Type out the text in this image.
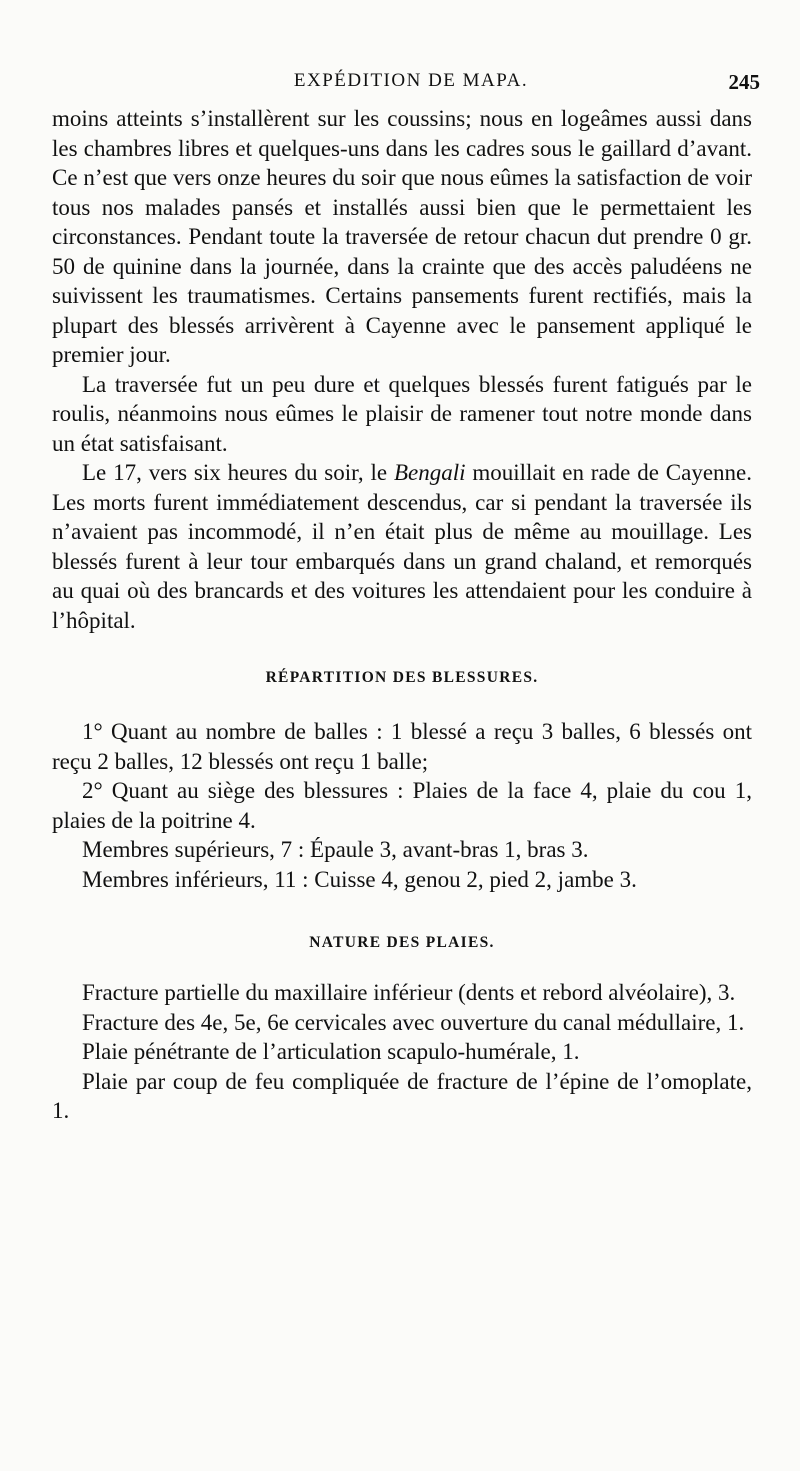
EXPÉDITION DE MAPA.	245

moins atteints s’installèrent sur les coussins; nous en logeâmes aussi dans les chambres libres et quelques-uns dans les cadres sous le gaillard d’avant. Ce n’est que vers onze heures du soir que nous eûmes la satisfaction de voir tous nos malades pansés et installés aussi bien que le permettaient les circonstances. Pendant toute la traversée de retour chacun dut prendre 0 gr. 50 de quinine dans la journée, dans la crainte que des accès paludéens ne suivissent les traumatismes. Certains pansements furent rectifiés, mais la plupart des blessés arrivèrent à Cayenne avec le pansement appliqué le premier jour.

La traversée fut un peu dure et quelques blessés furent fatigués par le roulis, néanmoins nous eûmes le plaisir de ramener tout notre monde dans un état satisfaisant.

Le 17, vers six heures du soir, le Bengali mouillait en rade de Cayenne. Les morts furent immédiatement descendus, car si pendant la traversée ils n’avaient pas incommodé, il n’en était plus de même au mouillage. Les blessés furent à leur tour embarqués dans un grand chaland, et remorqués au quai où des brancards et des voitures les attendaient pour les conduire à l’hôpital.

RÉPARTITION DES BLESSURES.

1° Quant au nombre de balles : 1 blessé a reçu 3 balles, 6 blessés ont reçu 2 balles, 12 blessés ont reçu 1 balle;

2° Quant au siège des blessures : Plaies de la face 4, plaie du cou 1, plaies de la poitrine 4.

Membres supérieurs, 7 : Épaule 3, avant-bras 1, bras 3.

Membres inférieurs, 11 : Cuisse 4, genou 2, pied 2, jambe 3.

NATURE DES PLAIES.

Fracture partielle du maxillaire inférieur (dents et rebord alvéolaire), 3.

Fracture des 4e, 5e, 6e cervicales avec ouverture du canal médullaire, 1.

Plaie pénétrante de l’articulation scapulo-humérale, 1.

Plaie par coup de feu compliquée de fracture de l’épine de l’omoplate, 1.
